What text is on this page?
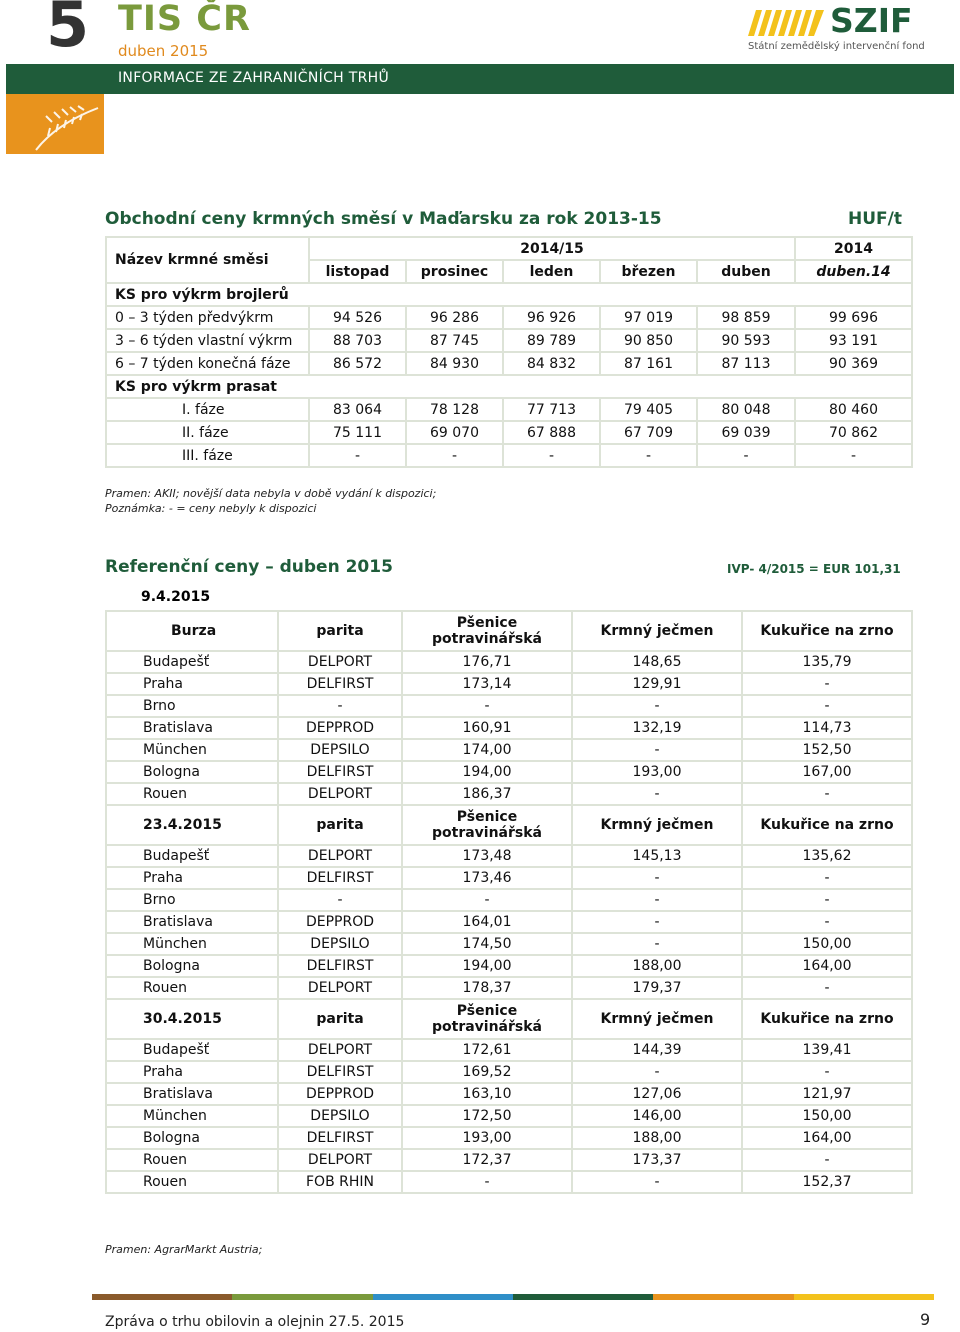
5 TIS ČR
duben 2015
INFORMACE ZE ZAHRANIČNÍCH TRHŮ
SZIF
Státní zemědělský intervenční fond
Obchodní ceny krmných směsí v Maďarsku za rok 2013-15	HUF/t
Název krmné směsi	2014/15					2014
	listopad	prosinec	leden	březen	duben	duben.14
KS pro výkrm brojlerů						
0 – 3 týden předvýkrm	94 526	96 286	96 926	97 019	98 859	99 696
3 – 6 týden vlastní výkrm	88 703	87 745	89 789	90 850	90 593	93 191
6 – 7 týden konečná fáze	86 572	84 930	84 832	87 161	87 113	90 369
KS pro výkrm prasat						
I. fáze	83 064	78 128	77 713	79 405	80 048	80 460
II. fáze	75 111	69 070	67 888	67 709	69 039	70 862
III. fáze	-	-	-	-	-	-
Pramen: AKII; novější data nebyla v době vydání k dispozici;
Poznámka: - = ceny nebyly k dispozici
Referenční ceny – duben 2015	IVP- 4/2015 = EUR 101,31
Burza	parita	Pšenice potravinářská	Krmný ječmen	Kukuřice na zrno
Budapešť	DELPORT	176,71	148,65	135,79
Praha	DELFIRST	173,14	129,91	-
Brno	-	-	-	-
Bratislava	DEPPROD	160,91	132,19	114,73
München	DEPSILO	174,00	-	152,50
Bologna	DELFIRST	194,00	193,00	167,00
Rouen	DELPORT	186,37	-	-
23.4.2015	parita	Pšenice potravinářská	Krmný ječmen	Kukuřice na zrno
Budapešť	DELPORT	173,48	145,13	135,62
Praha	DELFIRST	173,46	-	-
Brno	-	-	-	-
Bratislava	DEPPROD	164,01	-	-
München	DEPSILO	174,50	-	150,00
Bologna	DELFIRST	194,00	188,00	164,00
Rouen	DELPORT	178,37	179,37	-
30.4.2015	parita	Pšenice potravinářská	Krmný ječmen	Kukuřice na zrno
Budapešť	DELPORT	172,61	144,39	139,41
Praha	DELFIRST	169,52	-	-
Bratislava	DEPPROD	163,10	127,06	121,97
München	DEPSILO	172,50	146,00	150,00
Bologna	DELFIRST	193,00	188,00	164,00
Rouen	DELPORT	172,37	173,37	-
Rouen	FOB RHIN	-	-	152,37
Pramen: AgrarMarkt Austria;
Zpráva o trhu obilovin a olejnin 27.5. 2015	9
9.4.2015
